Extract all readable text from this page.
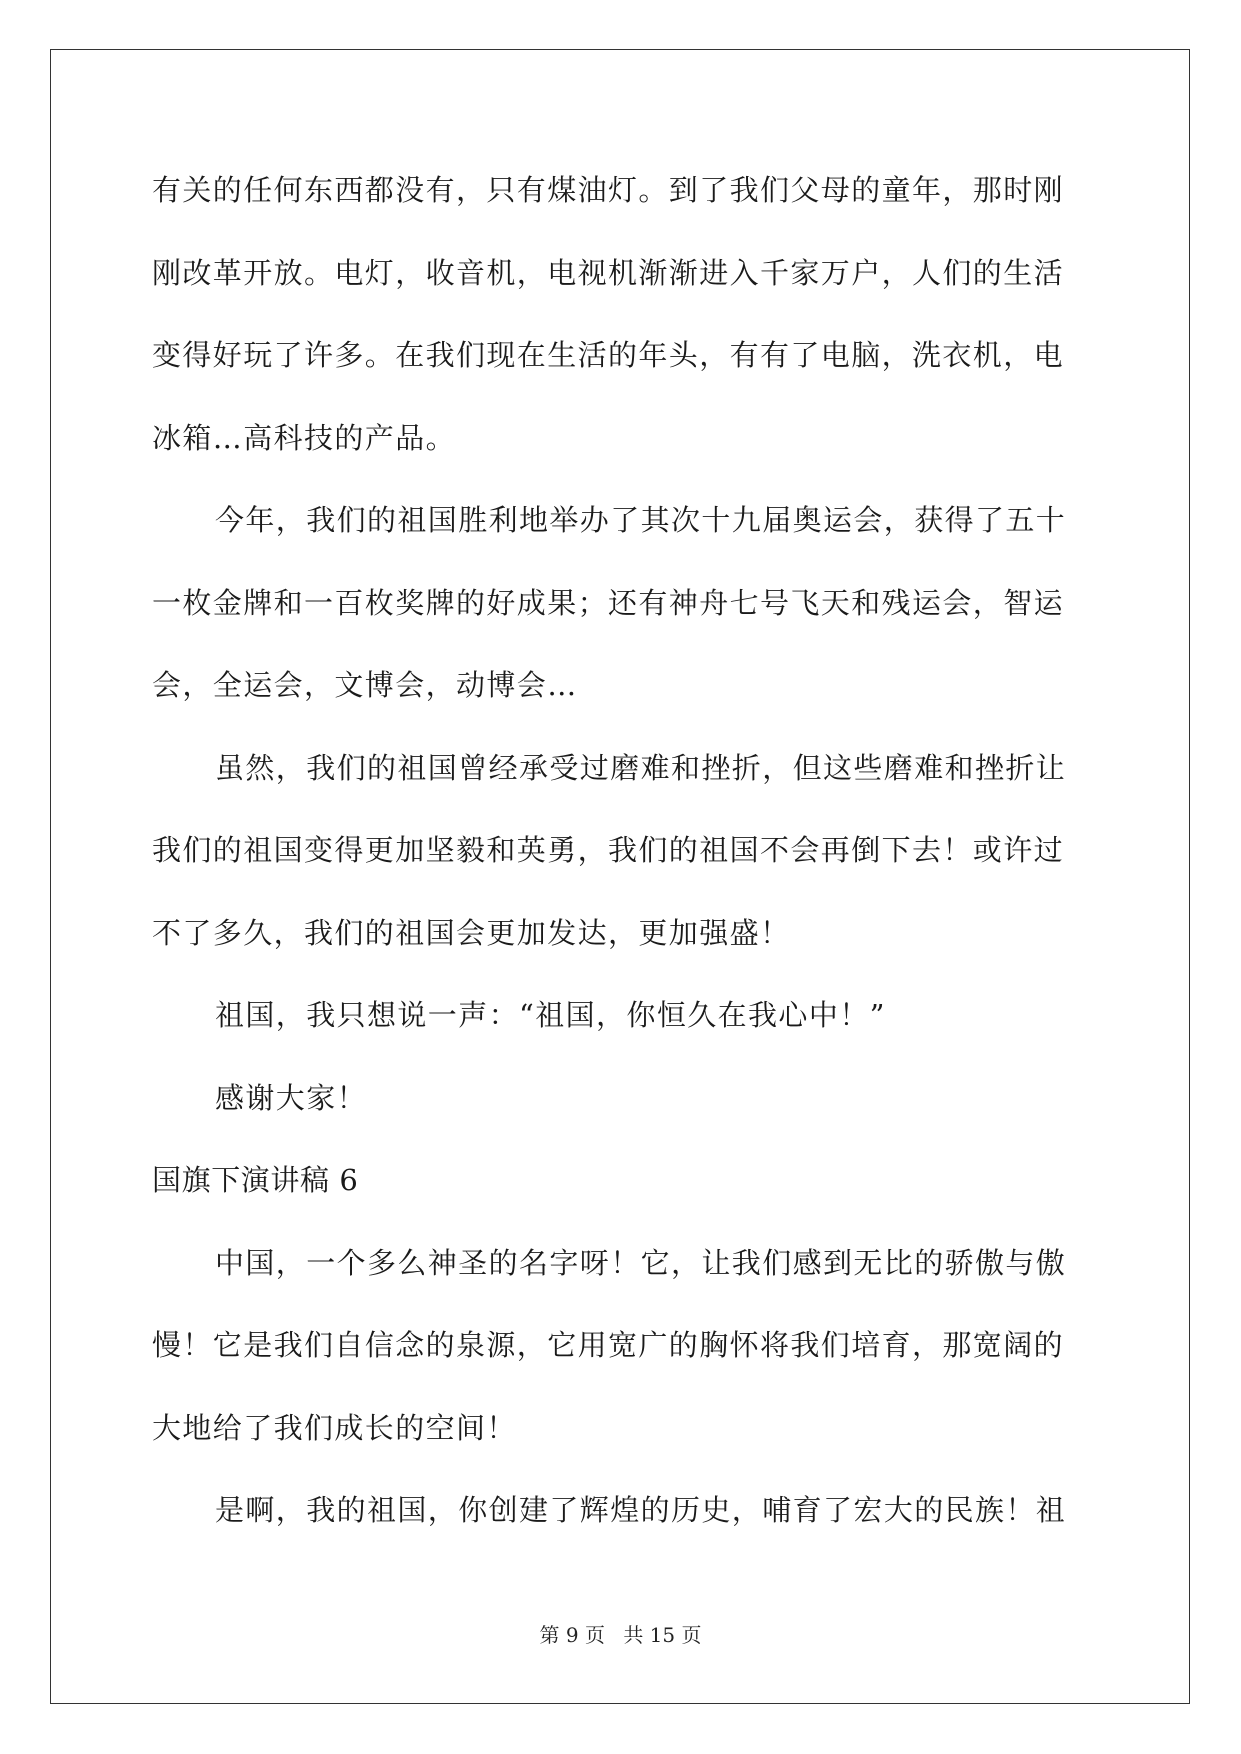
有关的任何东西都没有，只有煤油灯。到了我们父母的童年，那时刚

刚改革开放。电灯，收音机，电视机渐渐进入千家万户，人们的生活

变得好玩了许多。在我们现在生活的年头，有有了电脑，洗衣机，电

冰箱…高科技的产品。

今年，我们的祖国胜利地举办了其次十九届奥运会，获得了五十

一枚金牌和一百枚奖牌的好成果；还有神舟七号飞天和残运会，智运

会，全运会，文博会，动博会…

虽然，我们的祖国曾经承受过磨难和挫折，但这些磨难和挫折让

我们的祖国变得更加坚毅和英勇，我们的祖国不会再倒下去！或许过

不了多久，我们的祖国会更加发达，更加强盛！

祖国，我只想说一声：“祖国，你恒久在我心中！”

感谢大家！

国旗下演讲稿 6

中国，一个多么神圣的名字呀！它，让我们感到无比的骄傲与傲

慢！它是我们自信念的泉源，它用宽广的胸怀将我们培育，那宽阔的

大地给了我们成长的空间！

是啊，我的祖国，你创建了辉煌的历史，哺育了宏大的民族！祖

第 9 页 共 15 页
